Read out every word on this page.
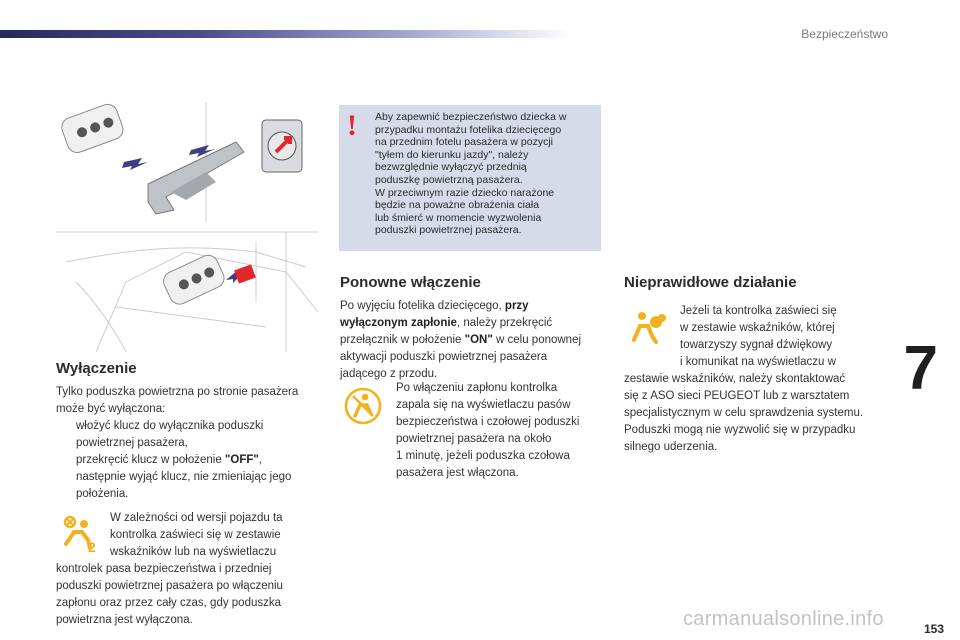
Bezpieczeństwo
7
153
carmanualsonline.info
! Aby zapewnić bezpieczeństwo dziecka w
przypadku montażu fotelika dziecięcego
na przednim fotelu pasażera w pozycji
"tyłem do kierunku jazdy", należy
bezwzględnie wyłączyć przednią
poduszkę powietrzną pasażera.
W przeciwnym razie dziecko narażone
będzie na poważne obrażenia ciała
lub śmierć w momencie wyzwolenia
poduszki powietrznej pasażera.

Wyłączenie

Tylko poduszka powietrzna po stronie pasażera
może być wyłączona:

włożyć klucz do wyłącznika poduszki
powietrznej pasażera,
przekręcić klucz w położenie "OFF",
następnie wyjąć klucz, nie zmieniając jego
położenia.
2

W zależności od wersji pojazdu ta
kontrolka zaświeci się w zestawie
wskaźników lub na wyświetlaczu

kontrolek pasa bezpieczeństwa i przedniej
poduszki powietrznej pasażera po włączeniu
zapłonu oraz przez cały czas, gdy poduszka
powietrzna jest wyłączona.

Ponowne włączenie

Po wyjęciu fotelika dziecięcego, przy
wyłączonym zapłonie, należy przekręcić
przełącznik w położenie "ON" w celu ponownej
aktywacji poduszki powietrznej pasażera
jadącego z przodu.

Po włączeniu zapłonu kontrolka
zapala się na wyświetlaczu pasów
bezpieczeństwa i czołowej poduszki
powietrznej pasażera na około
1 minutę, jeżeli poduszka czołowa
pasażera jest włączona.

Nieprawidłowe działanie

Jeżeli ta kontrolka zaświeci się
w zestawie wskaźników, której
towarzyszy sygnał dźwiękowy
i komunikat na wyświetlaczu w

zestawie wskaźników, należy skontaktować
się z ASO sieci PEUGEOT lub z warsztatem
specjalistycznym w celu sprawdzenia systemu.
Poduszki mogą nie wyzwolić się w przypadku
silnego uderzenia.
